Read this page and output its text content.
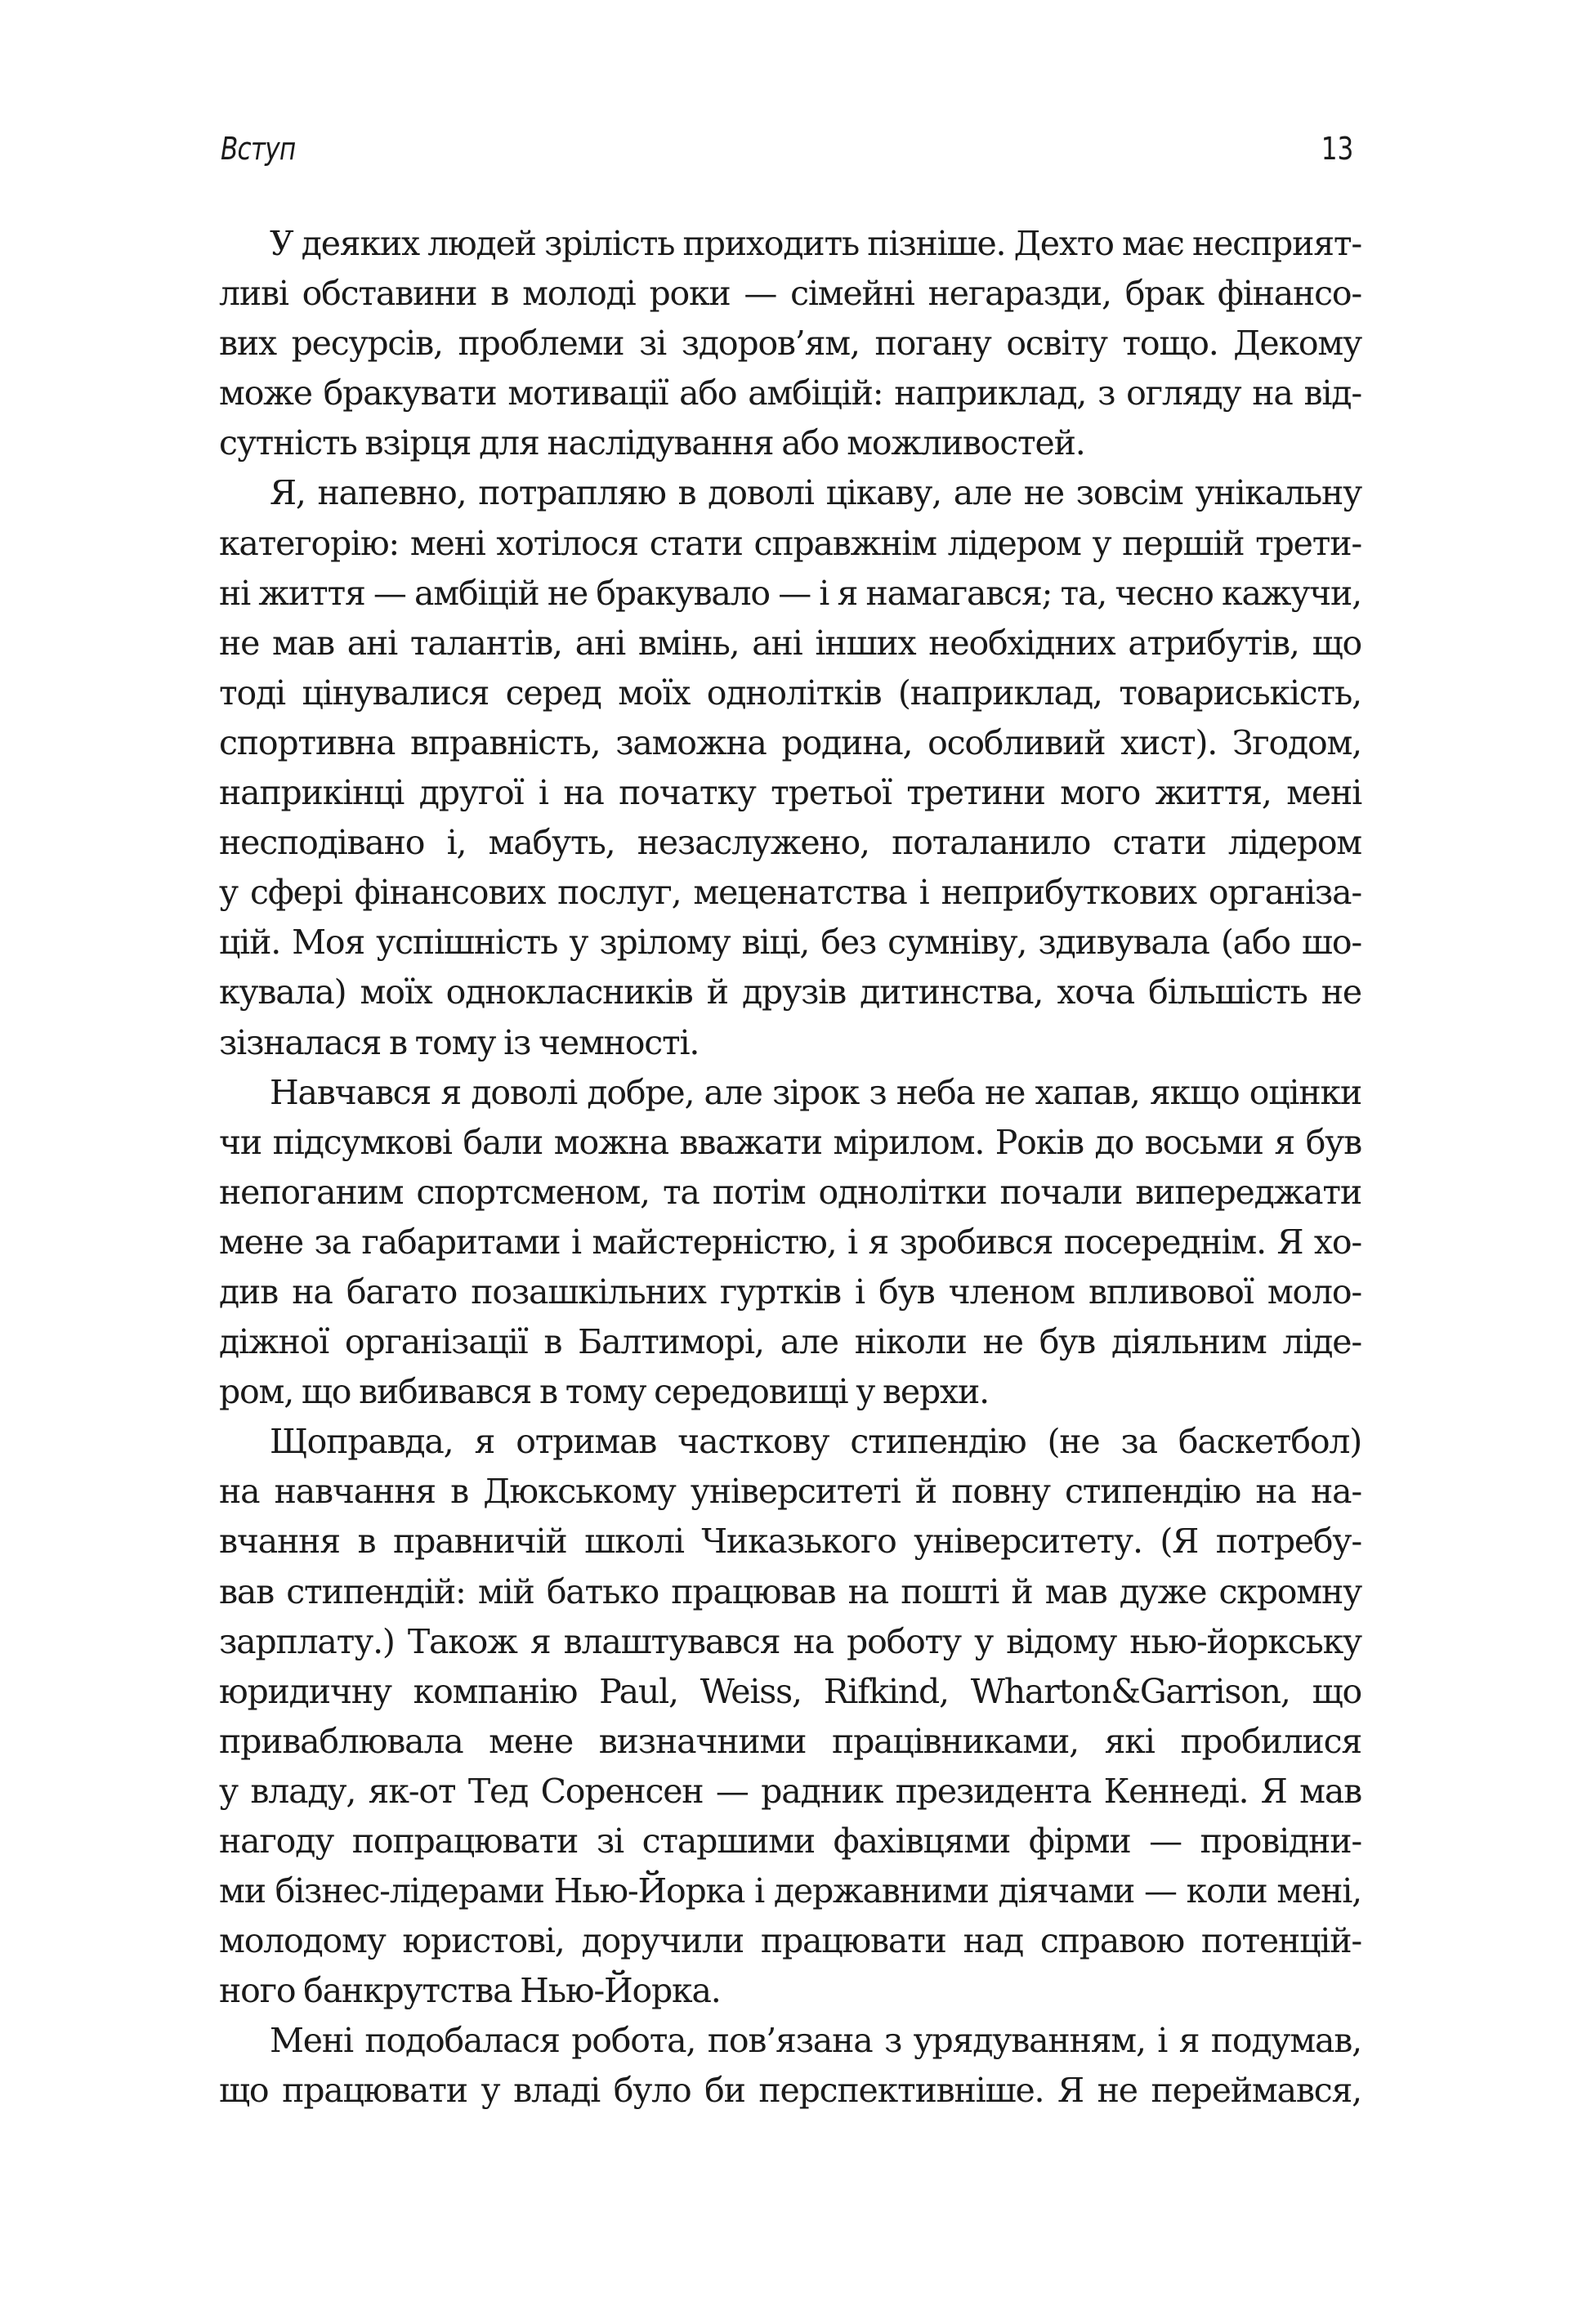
Вступ	13
У деяких людей зрілість приходить пізніше. Дехто має несприят-
ливі обставини в молоді роки — сімейні негаразди, брак фінансо-
вих ресурсів, проблеми зі здоров’ям, погану освіту тощо. Декому
може бракувати мотивації або амбіцій: наприклад, з огляду на від-
сутність взірця для наслідування або можливостей.
Я, напевно, потрапляю в доволі цікаву, але не зовсім унікальну
категорію: мені хотілося стати справжнім лідером у першій трети-
ні життя — амбіцій не бракувало — і я намагався; та, чесно кажучи,
не мав ані талантів, ані вмінь, ані інших необхідних атрибутів, що
тоді цінувалися серед моїх однолітків (наприклад, товариськість,
спортивна вправність, заможна родина, особливий хист). Згодом,
наприкінці другої і на початку третьої третини мого життя, мені
несподівано і, мабуть, незаслужено, поталанило стати лідером
у сфері фінансових послуг, меценатства і неприбуткових організа-
цій. Моя успішність у зрілому віці, без сумніву, здивувала (або шо-
кувала) моїх однокласників й друзів дитинства, хоча більшість не
зізналася в тому із чемності.
Навчався я доволі добре, але зірок з неба не хапав, якщо оцінки
чи підсумкові бали можна вважати мірилом. Років до восьми я був
непоганим спортсменом, та потім однолітки почали випереджати
мене за габаритами і майстерністю, і я зробився посереднім. Я хо-
див на багато позашкільних гуртків і був членом впливової моло-
діжної організації в Балтиморі, але ніколи не був діяльним ліде-
ром, що вибивався в тому середовищі у верхи.
Щоправда, я отримав часткову стипендію (не за баскетбол)
на навчання в Дюкському університеті й повну стипендію на на-
вчання в правничій школі Чиказького університету. (Я потребу-
вав стипендій: мій батько працював на пошті й мав дуже скромну
зарплату.) Також я влаштувався на роботу у відому нью-йоркську
юридичну компанію Paul, Weiss, Rifkind, Wharton&Garrison, що
приваблювала мене визначними працівниками, які пробилися
у владу, як-от Тед Соренсен — радник президента Кеннеді. Я мав
нагоду попрацювати зі старшими фахівцями фірми — провідни-
ми бізнес-лідерами Нью-Йорка і державними діячами — коли мені,
молодому юристові, доручили працювати над справою потенцій-
ного банкрутства Нью-Йорка.
Мені подобалася робота, пов’язана з урядуванням, і я подумав,
що працювати у владі було би перспективніше. Я не переймався,
